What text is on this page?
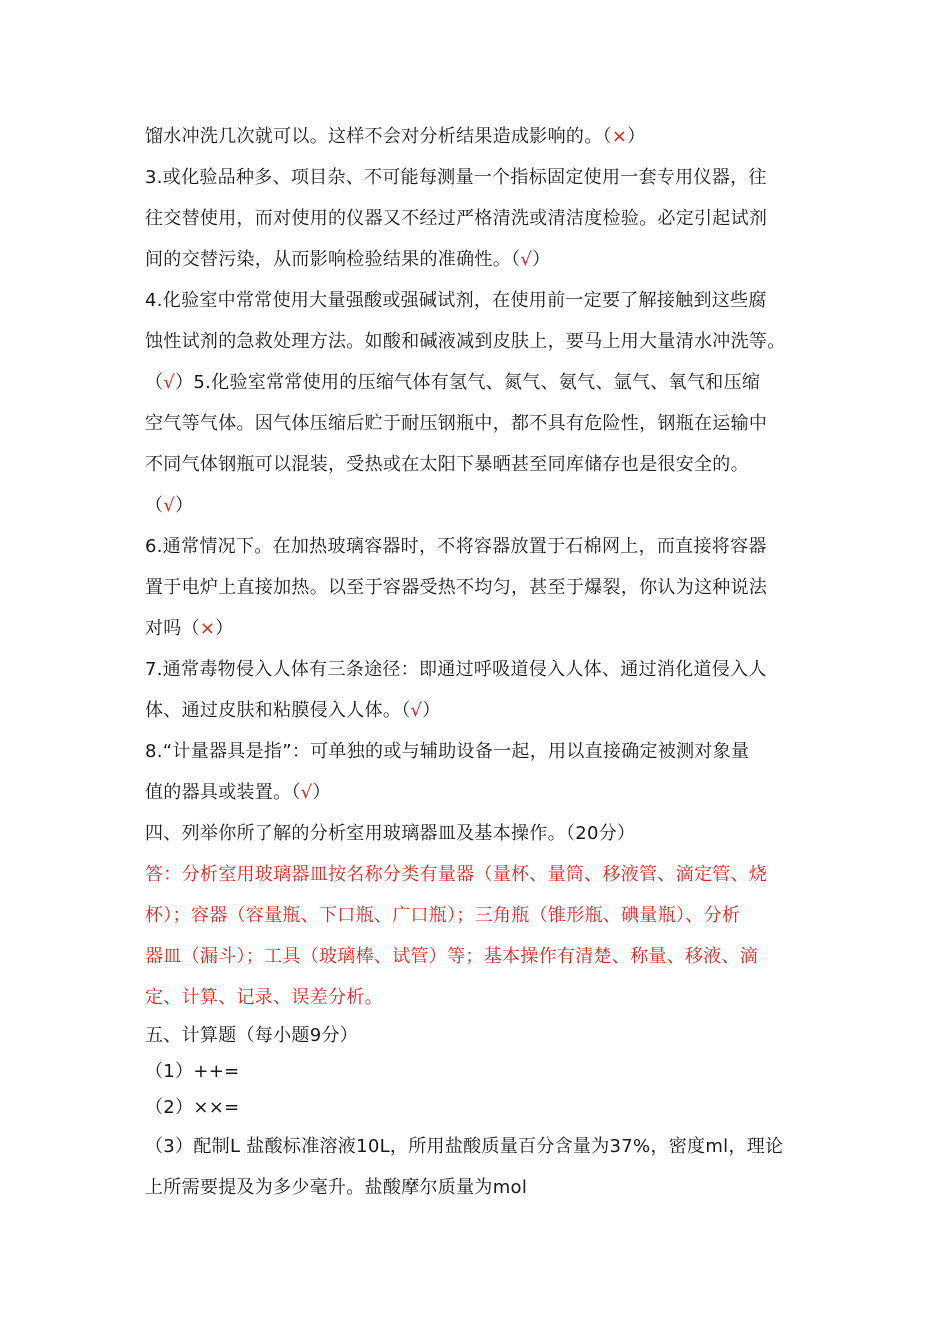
馏水冲洗几次就可以。这样不会对分析结果造成影响的。（×）
3.或化验品种多、项目杂、不可能每测量一个指标固定使用一套专用仪器，往
往交替使用，而对使用的仪器又不经过严格清洗或清洁度检验。必定引起试剂
间的交替污染，从而影响检验结果的准确性。（√）
4.化验室中常常使用大量强酸或强碱试剂，在使用前一定要了解接触到这些腐
蚀性试剂的急救处理方法。如酸和碱液减到皮肤上，要马上用大量清水冲洗等。
（√）5.化验室常常使用的压缩气体有氢气、氮气、氨气、氩气、氧气和压缩
空气等气体。因气体压缩后贮于耐压钢瓶中，都不具有危险性，钢瓶在运输中
不同气体钢瓶可以混装，受热或在太阳下暴晒甚至同库储存也是很安全的。
（√）
6.通常情况下。在加热玻璃容器时，不将容器放置于石棉网上，而直接将容器
置于电炉上直接加热。以至于容器受热不均匀，甚至于爆裂，你认为这种说法
对吗（×）
7.通常毒物侵入人体有三条途径：即通过呼吸道侵入人体、通过消化道侵入人
体、通过皮肤和粘膜侵入人体。（√）
8.“计量器具是指”：可单独的或与辅助设备一起，用以直接确定被测对象量
值的器具或装置。（√）
四、列举你所了解的分析室用玻璃器皿及基本操作。（20分）
答：分析室用玻璃器皿按名称分类有量器（量杯、量筒、移液管、滴定管、烧
杯）；容器（容量瓶、下口瓶、广口瓶）；三角瓶（锥形瓶、碘量瓶）、分析
器皿（漏斗）；工具（玻璃棒、试管）等；基本操作有清楚、称量、移液、滴
定、计算、记录、误差分析。
五、计算题（每小题9分）
（1）++=
（2）××=
（3）配制L 盐酸标准溶液10L，所用盐酸质量百分含量为37%，密度ml，理论
上所需要提及为多少毫升。盐酸摩尔质量为mol
